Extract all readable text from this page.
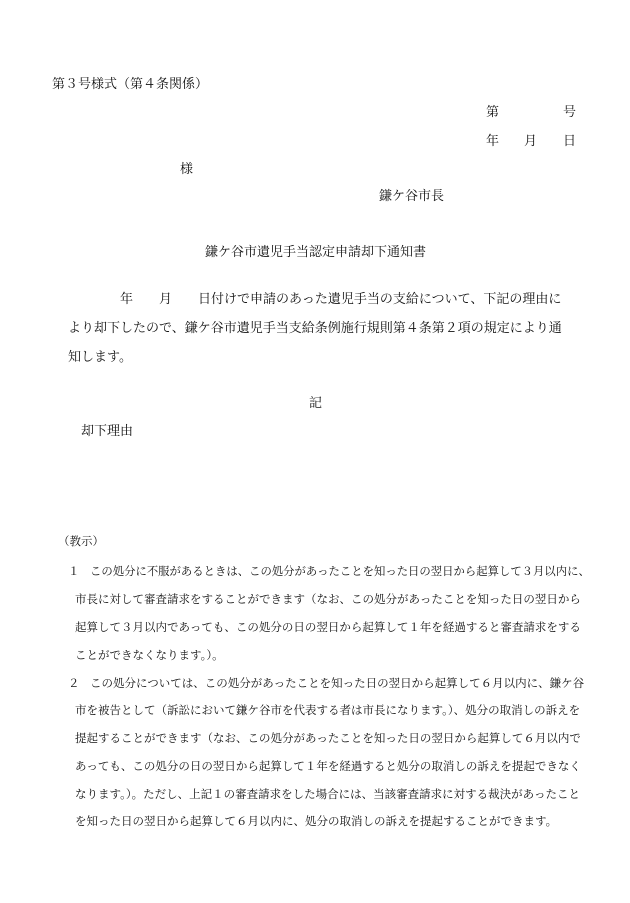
第３号様式（第４条関係）
第	号
年 月 日
様
鎌ケ谷市長
鎌ケ谷市遺児手当認定申請却下通知書
年 月 日付けで申請のあった遺児手当の支給について、下記の理由に
より却下したので、鎌ケ谷市遺児手当支給条例施行規則第４条第２項の規定により通
知します。
記
却下理由
（教示）
１ この処分に不服があるときは、この処分があったことを知った日の翌日から起算して３月以内に、
市長に対して審査請求をすることができます（なお、この処分があったことを知った日の翌日から
起算して３月以内であっても、この処分の日の翌日から起算して１年を経過すると審査請求をする
ことができなくなります。）。
２ この処分については、この処分があったことを知った日の翌日から起算して６月以内に、鎌ケ谷
市を被告として（訴訟において鎌ケ谷市を代表する者は市長になります。）、処分の取消しの訴えを
提起することができます（なお、この処分があったことを知った日の翌日から起算して６月以内で
あっても、この処分の日の翌日から起算して１年を経過すると処分の取消しの訴えを提起できなく
なります。）。ただし、上記１の審査請求をした場合には、当該審査請求に対する裁決があったこと
を知った日の翌日から起算して６月以内に、処分の取消しの訴えを提起することができます。
